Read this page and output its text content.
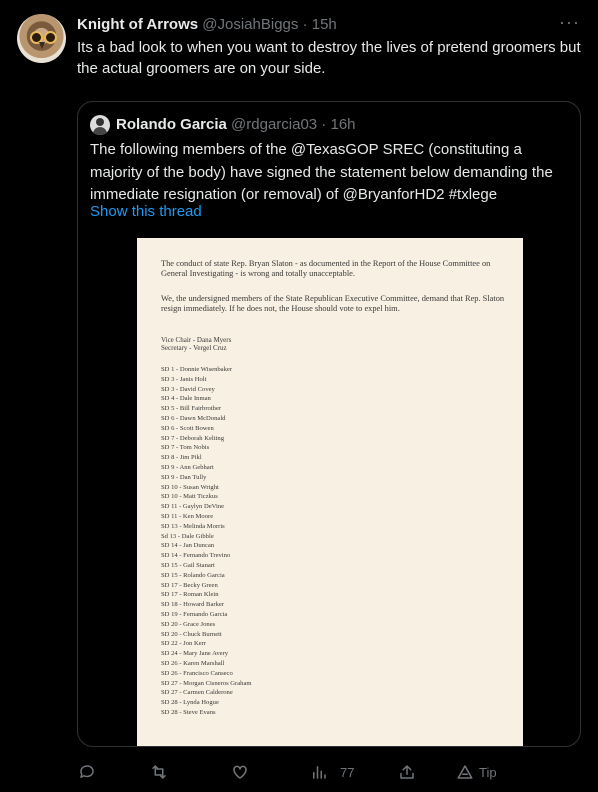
Knight of Arrows @JosiahBiggs · 15h	···
Its a bad look to when you want to destroy the lives of pretend groomers but the actual groomers are on your side.
Rolando Garcia @rdgarcia03 · 16h
The following members of the @TexasGOP SREC (constituting a majority of the body) have signed the statement below demanding the immediate resignation (or removal) of @BryanforHD2 #txlege
Show this thread
The conduct of state Rep. Bryan Slaton - as documented in the Report of the House Committee on General Investigating - is wrong and totally unacceptable.
We, the undersigned members of the State Republican Executive Committee, demand that Rep. Slaton resign immediately. If he does not, the House should vote to expel him.
Vice Chair - Dana Myers
Secretary - Vergel Cruz
SD 1 - Donnie Wisenbaker
SD 3 - Janis Holt
SD 3 - David Covey
SD 4 - Dale Inman
SD 5 - Bill Fairbrother
SD 6 - Dawn McDonald
SD 6 - Scott Bowen
SD 7 - Deborah Kelting
SD 7 - Tom Nobis
SD 8 - Jim Pikl
SD 9 - Ann Gebhart
SD 9 - Dan Tully
SD 10 - Susan Wright
SD 10 - Matt Ticzkus
SD 11 - Gaylyn DeVine
SD 11 - Ken Moore
SD 13 - Melinda Morris
Sd 13 - Dale Gibble
SD 14 - Jan Duncan
SD 14 - Fernando Trevino
SD 15 - Gail Stanart
SD 15 - Rolando Garcia
SD 17 - Becky Green
SD 17 - Roman Klein
SD 18 - Howard Barker
SD 19 - Fernando Garcia
SD 20 - Grace Jones
SD 20 - Chuck Burnett
SD 22 - Jon Kerr
SD 24 - Mary Jane Avery
SD 26 - Karen Marshall
SD 26 - Francisco Canseco
SD 27 - Morgan Cisneros Graham
SD 27 - Carmen Calderone
SD 28 - Lynda Hogue
SD 28 - Steve Evans
77	Tip
